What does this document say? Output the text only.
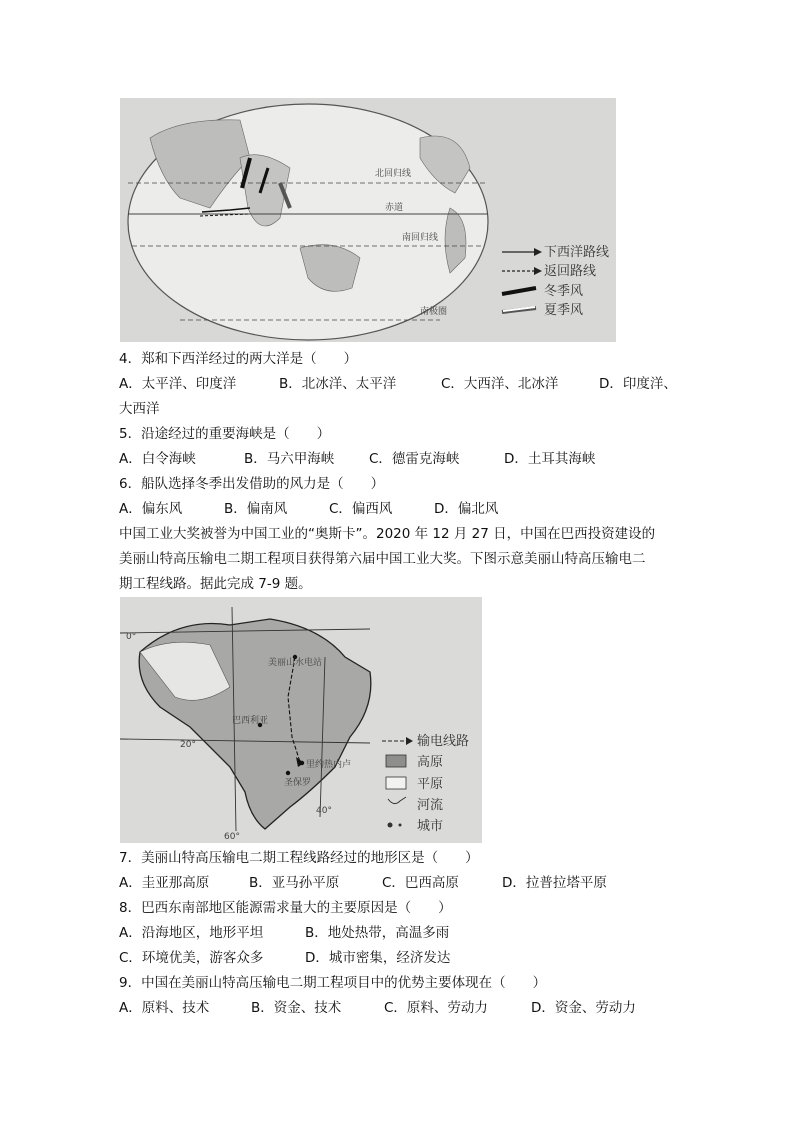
北回归线
赤道
南回归线
南极圈
下西洋路线
返回路线
冬季风
夏季风
4．郑和下西洋经过的两大洋是（　　）
A．太平洋、印度洋	B．北冰洋、太平洋	C．大西洋、北冰洋	D．印度洋、
大西洋
5．沿途经过的重要海峡是（　　）
A．白令海峡	B．马六甲海峡	C．德雷克海峡	D．土耳其海峡
6．船队选择冬季出发借助的风力是（　　）
A．偏东风	B．偏南风	C．偏西风	D．偏北风
中国工业大奖被誉为中国工业的“奥斯卡”。2020 年 12 月 27 日，中国在巴西投资建设的
美丽山特高压输电二期工程项目获得第六届中国工业大奖。下图示意美丽山特高压输电二
期工程线路。据此完成 7-9 题。
美丽山水电站
巴西利亚
里约热内卢
圣保罗
0°
20°
60°
40°
输电线路
高原
平原
河流
城市
7．美丽山特高压输电二期工程线路经过的地形区是（　　）
A．圭亚那高原	B．亚马孙平原	C．巴西高原	D．拉普拉塔平原
8．巴西东南部地区能源需求量大的主要原因是（　　）
A．沿海地区，地形平坦	B．地处热带，高温多雨
C．环境优美，游客众多	D．城市密集，经济发达
9．中国在美丽山特高压输电二期工程项目中的优势主要体现在（　　）
A．原料、技术	B．资金、技术	C．原料、劳动力	D．资金、劳动力
